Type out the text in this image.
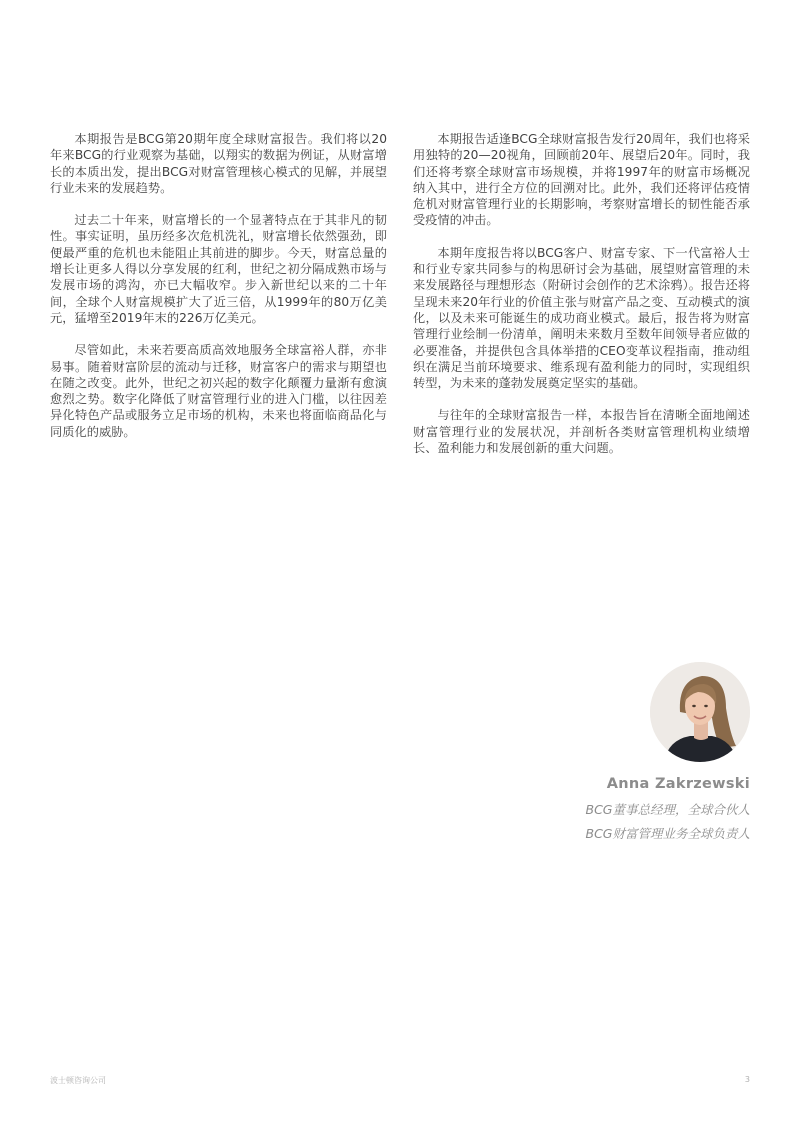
本期报告是BCG第20期年度全球财富报告。我们将以20年来BCG的行业观察为基础，以翔实的数据为例证，从财富增长的本质出发，提出BCG对财富管理核心模式的见解，并展望行业未来的发展趋势。

过去二十年来，财富增长的一个显著特点在于其非凡的韧性。事实证明，虽历经多次危机洗礼，财富增长依然强劲，即便最严重的危机也未能阻止其前进的脚步。今天，财富总量的增长让更多人得以分享发展的红利，世纪之初分隔成熟市场与发展市场的鸿沟，亦已大幅收窄。步入新世纪以来的二十年间，全球个人财富规模扩大了近三倍，从1999年的80万亿美元，猛增至2019年末的226万亿美元。

尽管如此，未来若要高质高效地服务全球富裕人群，亦非易事。随着财富阶层的流动与迁移，财富客户的需求与期望也在随之改变。此外，世纪之初兴起的数字化颠覆力量渐有愈演愈烈之势。数字化降低了财富管理行业的进入门槛，以往因差异化特色产品或服务立足市场的机构，未来也将面临商品化与同质化的威胁。

本期报告适逢BCG全球财富报告发行20周年，我们也将采用独特的20—20视角，回顾前20年、展望后20年。同时，我们还将考察全球财富市场规模，并将1997年的财富市场概况纳入其中，进行全方位的回溯对比。此外，我们还将评估疫情危机对财富管理行业的长期影响，考察财富增长的韧性能否承受疫情的冲击。

本期年度报告将以BCG客户、财富专家、下一代富裕人士和行业专家共同参与的构思研讨会为基础，展望财富管理的未来发展路径与理想形态（附研讨会创作的艺术涂鸦）。报告还将呈现未来20年行业的价值主张与财富产品之变、互动模式的演化，以及未来可能诞生的成功商业模式。最后，报告将为财富管理行业绘制一份清单，阐明未来数月至数年间领导者应做的必要准备，并提供包含具体举措的CEO变革议程指南，推动组织在满足当前环境要求、维系现有盈利能力的同时，实现组织转型，为未来的蓬勃发展奠定坚实的基础。

与往年的全球财富报告一样，本报告旨在清晰全面地阐述财富管理行业的发展状况，并剖析各类财富管理机构业绩增长、盈利能力和发展创新的重大问题。

Anna Zakrzewski
BCG董事总经理，全球合伙人
BCG财富管理业务全球负责人
波士顿咨询公司	3
